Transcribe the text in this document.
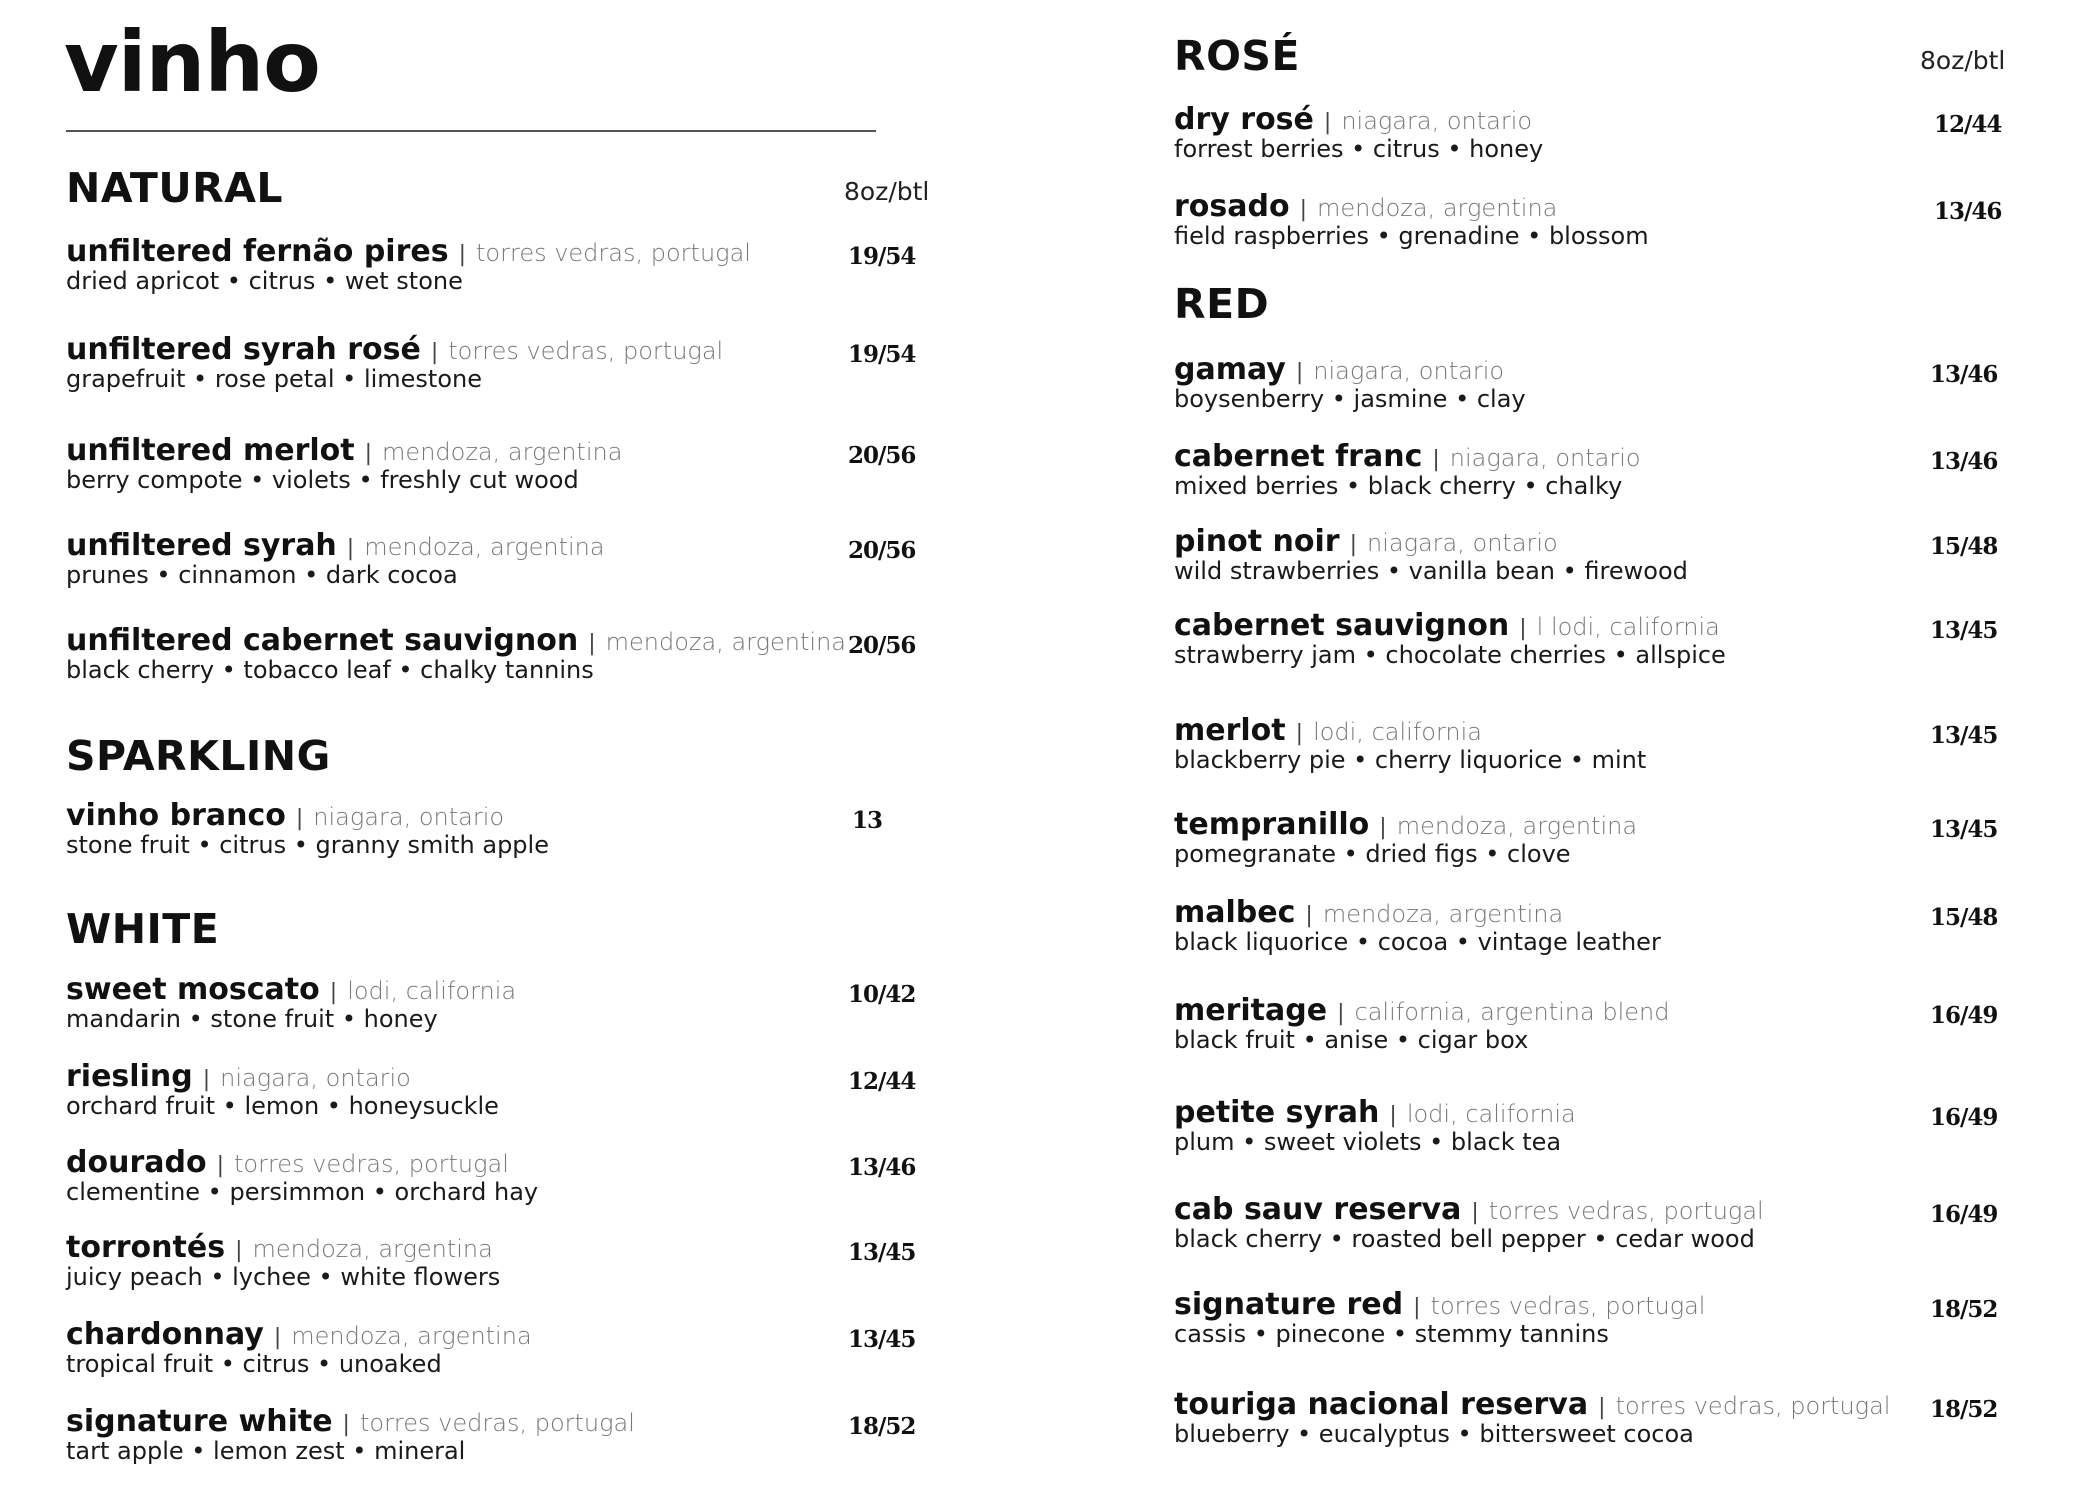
vinho
NATURAL	8oz/btl
SPARKLING
WHITE
ROSÉ	8oz/btl
RED
unfiltered fernão pires | torres vedras, portugal
dried apricot • citrus • wet stone
19/54
unfiltered syrah rosé | torres vedras, portugal
grapefruit • rose petal • limestone
19/54
unfiltered merlot | mendoza, argentina
berry compote • violets • freshly cut wood
20/56
unfiltered syrah | mendoza, argentina
prunes • cinnamon • dark cocoa
20/56
unfiltered cabernet sauvignon | mendoza, argentina
black cherry • tobacco leaf • chalky tannins
20/56
vinho branco | niagara, ontario
stone fruit • citrus • granny smith apple
13
sweet moscato | lodi, california
mandarin • stone fruit • honey
10/42
riesling | niagara, ontario
orchard fruit • lemon • honeysuckle
12/44
dourado | torres vedras, portugal
clementine • persimmon • orchard hay
13/46
torrontés | mendoza, argentina
juicy peach • lychee • white flowers
13/45
chardonnay | mendoza, argentina
tropical fruit • citrus • unoaked
13/45
signature white | torres vedras, portugal
tart apple • lemon zest • mineral
18/52
dry rosé | niagara, ontario
forrest berries • citrus • honey
12/44
rosado | mendoza, argentina
field raspberries • grenadine • blossom
13/46
gamay | niagara, ontario
boysenberry • jasmine • clay
13/46
cabernet franc | niagara, ontario
mixed berries • black cherry • chalky
13/46
pinot noir | niagara, ontario
wild strawberries • vanilla bean • firewood
15/48
cabernet sauvignon | l lodi, california
strawberry jam • chocolate cherries • allspice
13/45
merlot | lodi, california
blackberry pie • cherry liquorice • mint
13/45
tempranillo | mendoza, argentina
pomegranate • dried figs • clove
13/45
malbec | mendoza, argentina
black liquorice • cocoa • vintage leather
15/48
meritage | california, argentina blend
black fruit • anise • cigar box
16/49
petite syrah | lodi, california
plum • sweet violets • black tea
16/49
cab sauv reserva | torres vedras, portugal
black cherry • roasted bell pepper • cedar wood
16/49
signature red | torres vedras, portugal
cassis • pinecone • stemmy tannins
18/52
touriga nacional reserva | torres vedras, portugal
blueberry • eucalyptus • bittersweet cocoa
18/52
